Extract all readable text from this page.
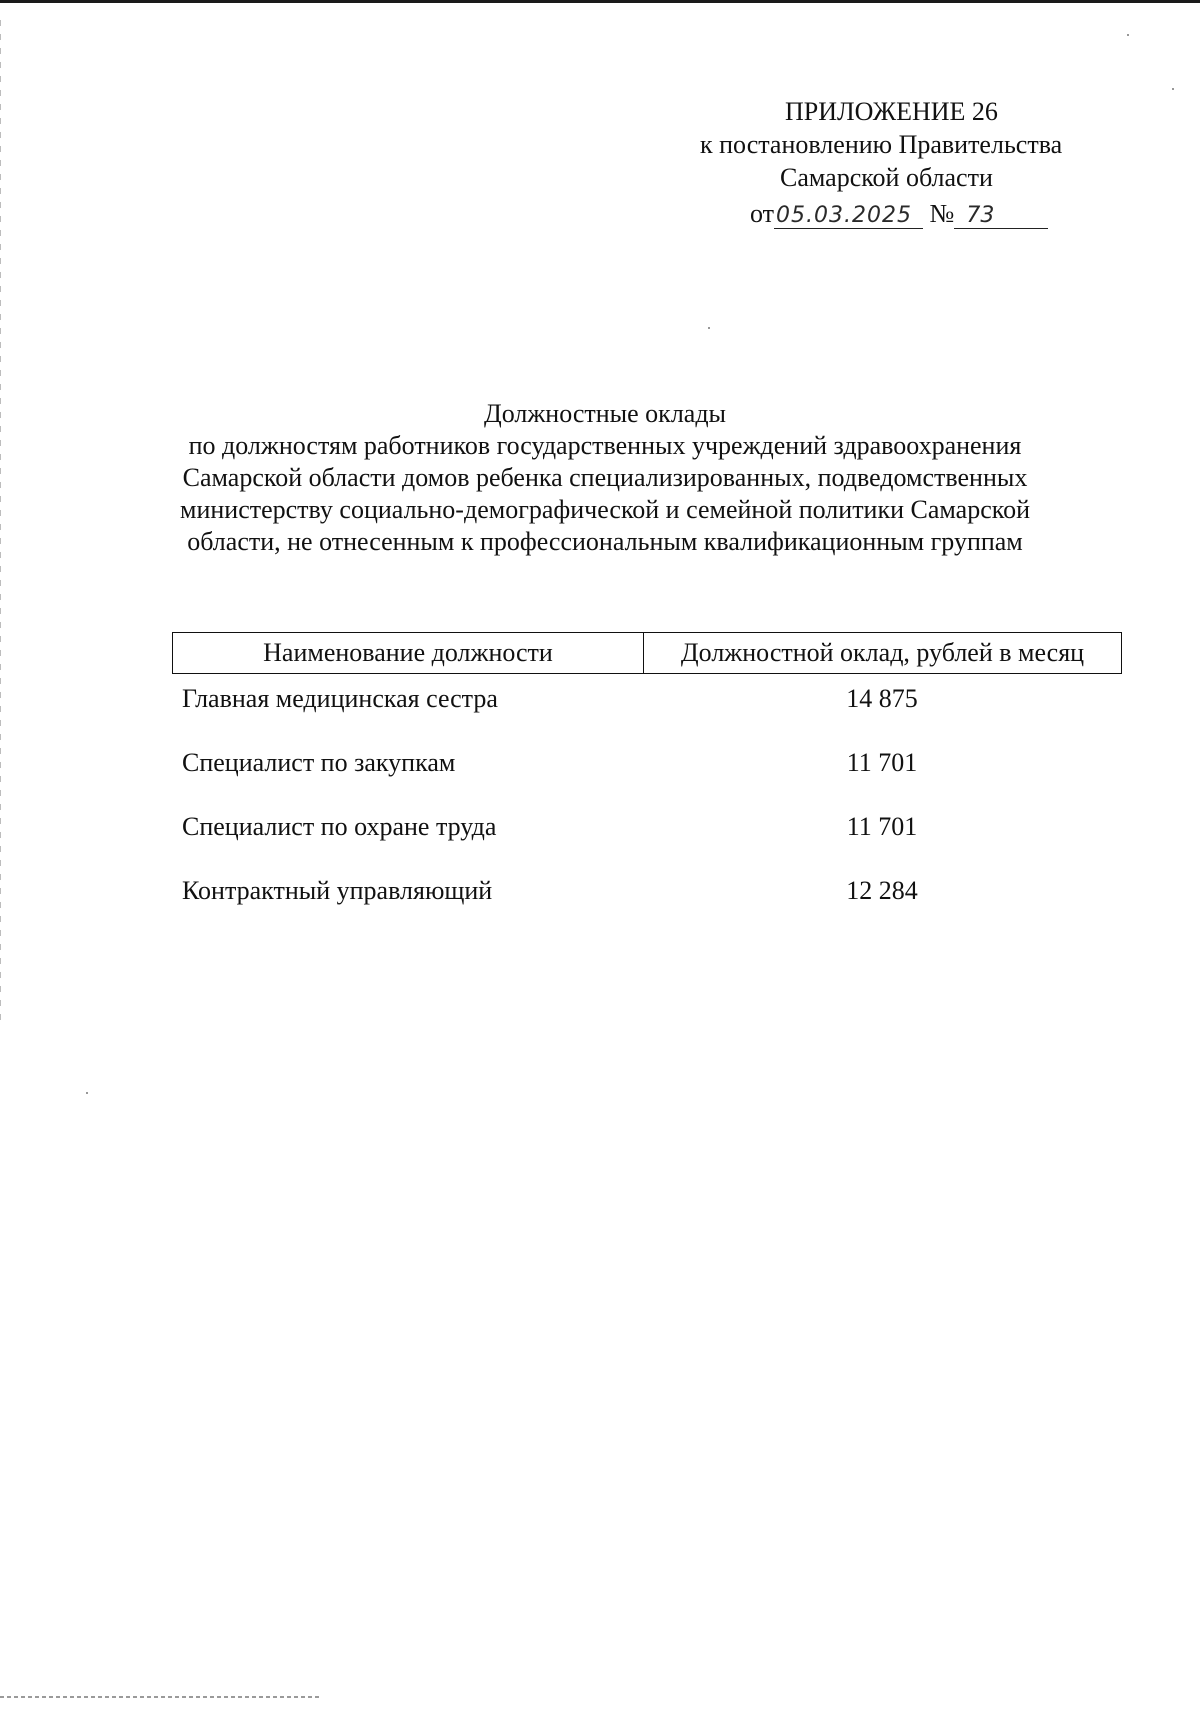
ПРИЛОЖЕНИЕ 26
к постановлению Правительства
Самарской области
от05.03.2025 № 73
Должностные оклады
по должностям работников государственных учреждений здравоохранения
Самарской области домов ребенка специализированных, подведомственных
министерству социально-демографической и семейной политики Самарской
области, не отнесенным к профессиональным квалификационным группам
Наименование должности	Должностной оклад, рублей в месяц
Главная медицинская сестра	14 875
Специалист по закупкам	11 701
Специалист по охране труда	11 701
Контрактный управляющий	12 284
